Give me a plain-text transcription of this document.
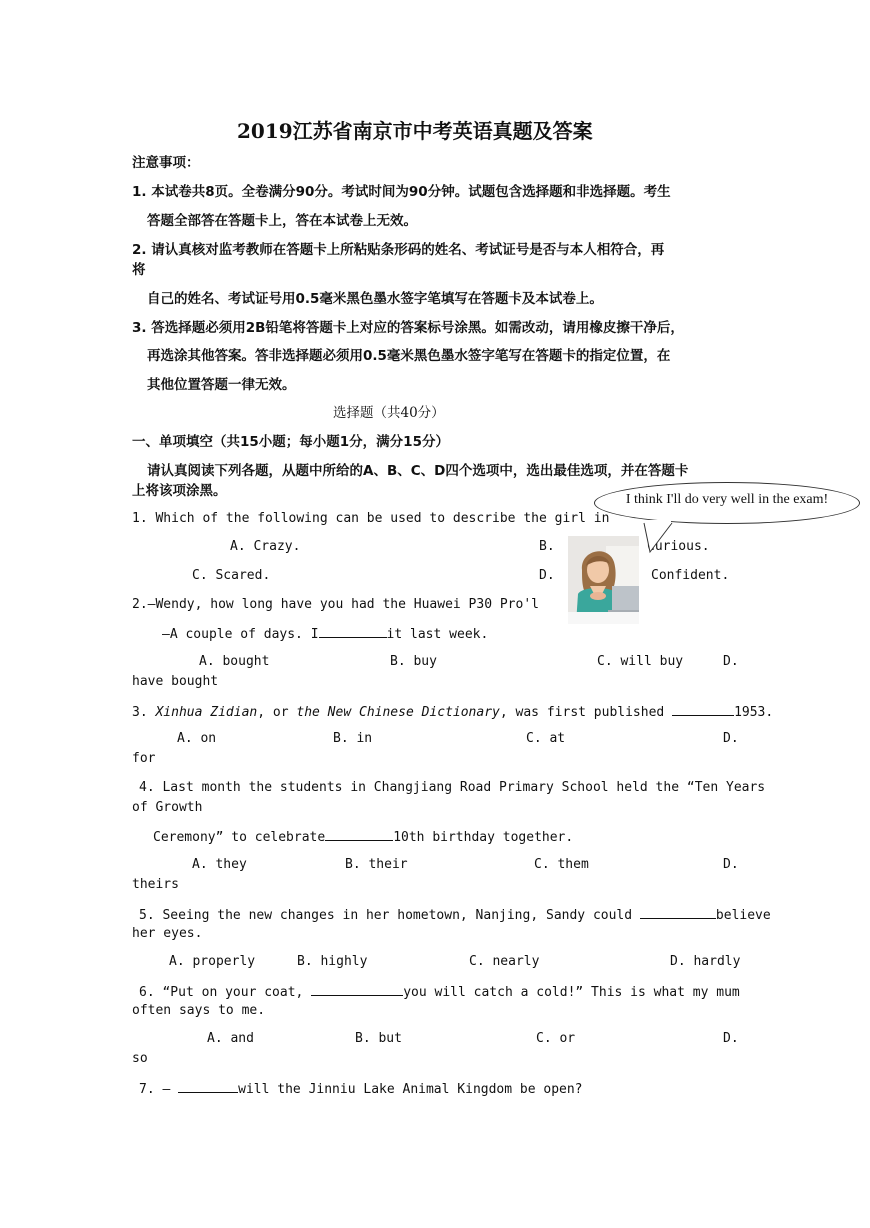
2019江苏省南京市中考英语真题及答案
注意事项：
1. 本试卷共8页。全卷满分90分。考试时间为90分钟。试题包含选择题和非选择题。考生
答题全部答在答题卡上，答在本试卷上无效。
2. 请认真核对监考教师在答题卡上所粘贴条形码的姓名、考试证号是否与本人相符合，再
将
自己的姓名、考试证号用0.5毫米黑色墨水签字笔填写在答题卡及本试卷上。
3. 答选择题必须用2B铅笔将答题卡上对应的答案标号涂黑。如需改动，请用橡皮擦干净后，
再选涂其他答案。答非选择题必须用0.5毫米黑色墨水签字笔写在答题卡的指定位置，在
其他位置答题一律无效。
选择题（共40分）
一、单项填空（共15小题；每小题1分，满分15分）
请认真阅读下列各题，从题中所给的A、B、C、D四个选项中，选出最佳选项，并在答题卡
上将该项涂黑。
1. Which of the following can be used to describe the girl in
A. Crazy.	B.	Curious.
C. Scared.	D.	Confident.
I think I'll do very well in the exam!
2.—Wendy, how long have you had the Huawei P30 Pro'l
—A couple of days. I	it last week.
A. bought	B. buy	C. will buy	D.
have bought
3. Xinhua Zidian, or the New Chinese Dictionary, was first published	1953.
A. on	B. in	C. at	D.
for
4. Last month the students in Changjiang Road Primary School held the “Ten Years
of Growth
Ceremony” to celebrate	10th birthday together.
A. they	B. their	C. them	D.
theirs
5. Seeing the new changes in her hometown, Nanjing, Sandy could	believe
her eyes.
A. properly	B. highly	C. nearly	D. hardly
6. “Put on your coat,	you will catch a cold!” This is what my mum
often says to me.
A. and	B. but	C. or	D.
so
7. —	will the Jinniu Lake Animal Kingdom be open?
